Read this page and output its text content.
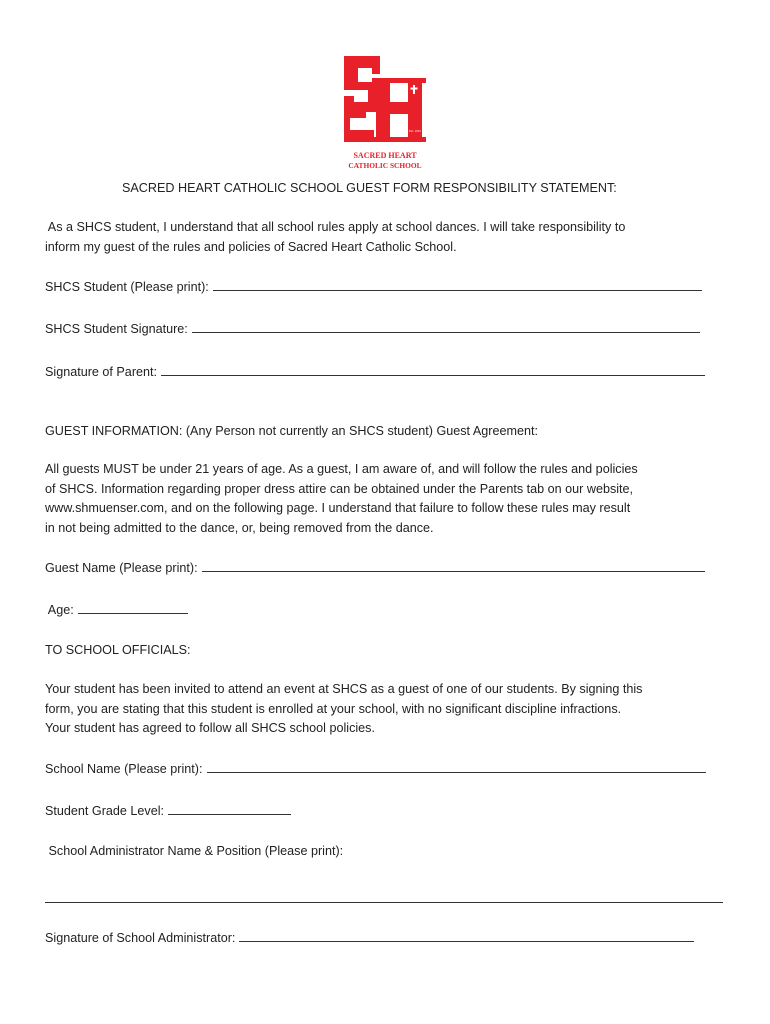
Est. 1901
SACRED HEART
CATHOLIC SCHOOL
SACRED HEART CATHOLIC SCHOOL GUEST FORM RESPONSIBILITY STATEMENT:
As a SHCS student, I understand that all school rules apply at school dances. I will take responsibility to
inform my guest of the rules and policies of Sacred Heart Catholic School.
SHCS Student (Please print):
SHCS Student Signature:
Signature of Parent:
GUEST INFORMATION: (Any Person not currently an SHCS student) Guest Agreement:
All guests MUST be under 21 years of age. As a guest, I am aware of, and will follow the rules and policies
of SHCS. Information regarding proper dress attire can be obtained under the Parents tab on our website,
www.shmuenser.com, and on the following page. I understand that failure to follow these rules may result
in not being admitted to the dance, or, being removed from the dance.
Guest Name (Please print):
Age:
TO SCHOOL OFFICIALS:
Your student has been invited to attend an event at SHCS as a guest of one of our students. By signing this
form, you are stating that this student is enrolled at your school, with no significant discipline infractions.
Your student has agreed to follow all SHCS school policies.
School Name (Please print):
Student Grade Level:
School Administrator Name & Position (Please print):
Signature of School Administrator:
